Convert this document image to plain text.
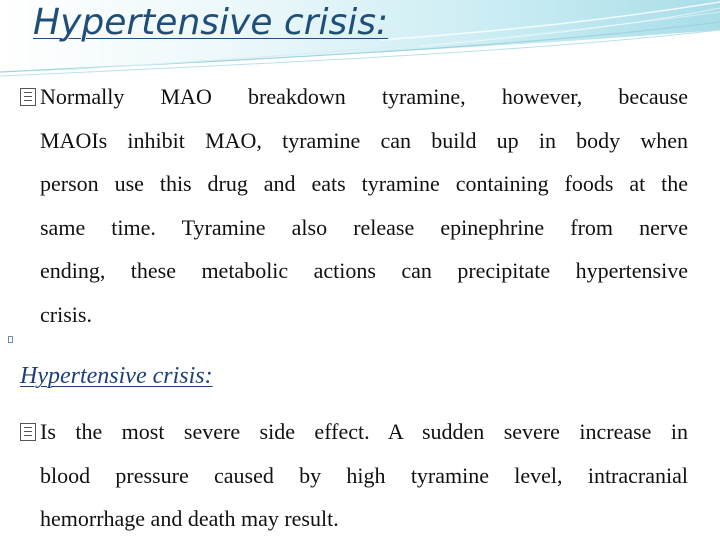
Hypertensive crisis:
Normally MAO breakdown tyramine, however, because
MAOIs inhibit MAO, tyramine can build up in body when
person use this drug and eats tyramine containing foods at the
same time. Tyramine also release epinephrine from nerve
ending, these metabolic actions can precipitate hypertensive
crisis.
Hypertensive crisis:
Is the most severe side effect. A sudden severe increase in
blood pressure caused by high tyramine level, intracranial
hemorrhage and death may result.
